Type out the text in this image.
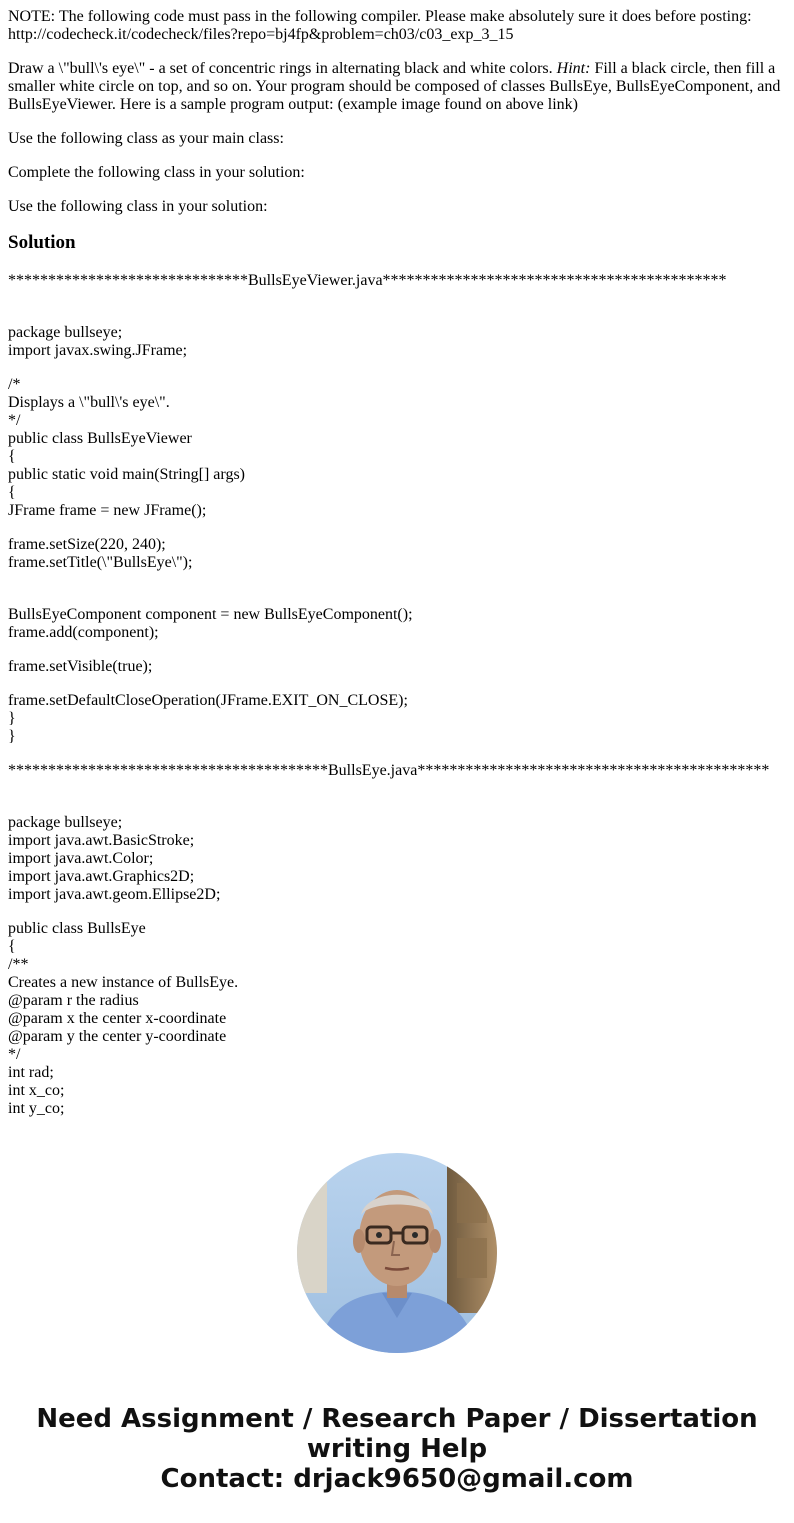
NOTE: The following code must pass in the following compiler. Please make absolutely sure it does before posting:
http://codecheck.it/codecheck/files?repo=bj4fp&problem=ch03/c03_exp_3_15

Draw a \"bull\'s eye\" - a set of concentric rings in alternating black and white colors. Hint: Fill a black circle, then fill a smaller white circle on top, and so on. Your program should be composed of classes BullsEye, BullsEyeComponent, and BullsEyeViewer. Here is a sample program output: (example image found on above link)

Use the following class as your main class:

Complete the following class in your solution:

Use the following class in your solution:

Solution

******************************BullsEyeViewer.java*******************************************

package bullseye;
import javax.swing.JFrame;
/*
Displays a \"bull\'s eye\".
*/
public class BullsEyeViewer
{
public static void main(String[] args)
{
JFrame frame = new JFrame();
frame.setSize(220, 240);
frame.setTitle(\"BullsEye\");
BullsEyeComponent component = new BullsEyeComponent();
frame.add(component);
frame.setVisible(true);
frame.setDefaultCloseOperation(JFrame.EXIT_ON_CLOSE);
}
}

****************************************BullsEye.java********************************************

package bullseye;
import java.awt.BasicStroke;
import java.awt.Color;
import java.awt.Graphics2D;
import java.awt.geom.Ellipse2D;
public class BullsEye
{
/**
Creates a new instance of BullsEye.
@param r the radius
@param x the center x-coordinate
@param y the center y-coordinate
*/
int rad;
int x_co;
int y_co;
Need Assignment / Research Paper / Dissertation
writing Help
Contact: drjack9650@gmail.com
